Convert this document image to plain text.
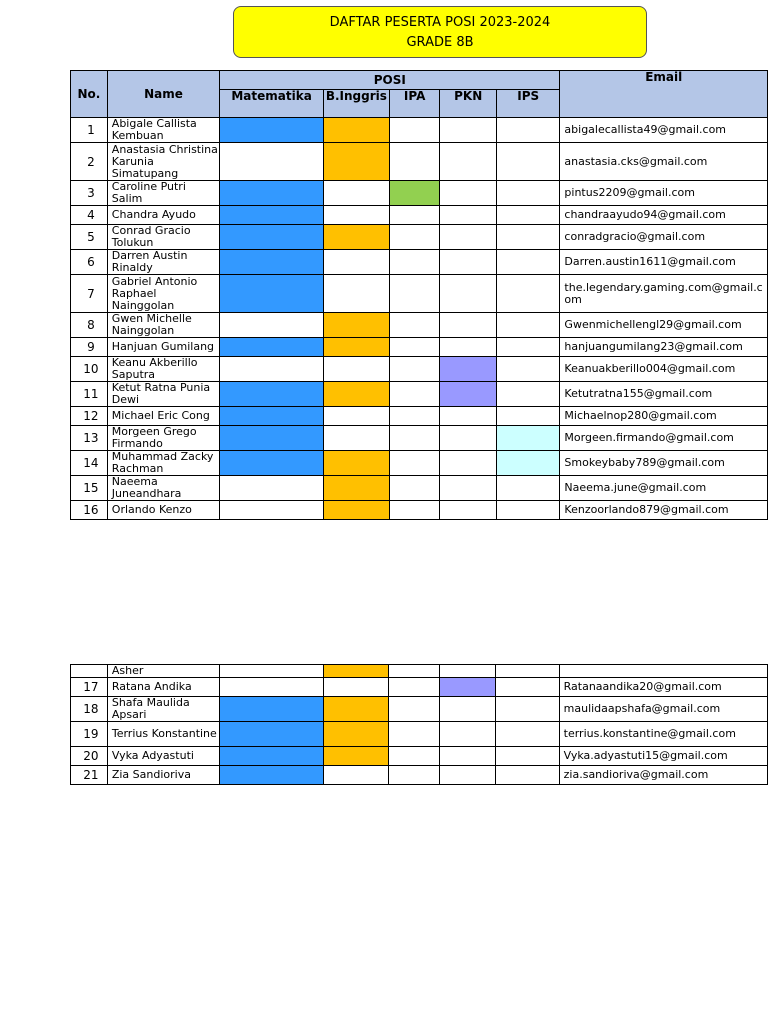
DAFTAR PESERTA POSI 2023-2024
GRADE 8B
No.	Name	POSI					Email
		Matematika	B.Inggris	IPA	PKN	IPS	
1	Abigale Callista Kembuan						abigalecallista49@gmail.com
2	Anastasia Christina Karunia Simatupang						anastasia.cks@gmail.com
3	Caroline Putri Salim						pintus2209@gmail.com
4	Chandra Ayudo						chandraayudo94@gmail.com
5	Conrad Gracio Tolukun						conradgracio@gmail.com
6	Darren Austin Rinaldy						Darren.austin1611@gmail.com
7	Gabriel Antonio Raphael Nainggolan						the.legendary.gaming.com@gmail.com
8	Gwen Michelle Nainggolan						Gwenmichellengl29@gmail.com
9	Hanjuan Gumilang						hanjuangumilang23@gmail.com
10	Keanu Akberillo Saputra						Keanuakberillo004@gmail.com
11	Ketut Ratna Punia Dewi						Ketutratna155@gmail.com
12	Michael Eric Cong						Michaelnop280@gmail.com
13	Morgeen Grego Firmando						Morgeen.firmando@gmail.com
14	Muhammad Zacky Rachman						Smokeybaby789@gmail.com
15	Naeema Juneandhara						Naeema.june@gmail.com
16	Orlando Kenzo						Kenzoorlando879@gmail.com
	Asher						
17	Ratana Andika						Ratanaandika20@gmail.com
18	Shafa Maulida Apsari						maulidaapshafa@gmail.com
19	Terrius Konstantine						terrius.konstantine@gmail.com
20	Vyka Adyastuti						Vyka.adyastuti15@gmail.com
21	Zia Sandioriva						zia.sandioriva@gmail.com
